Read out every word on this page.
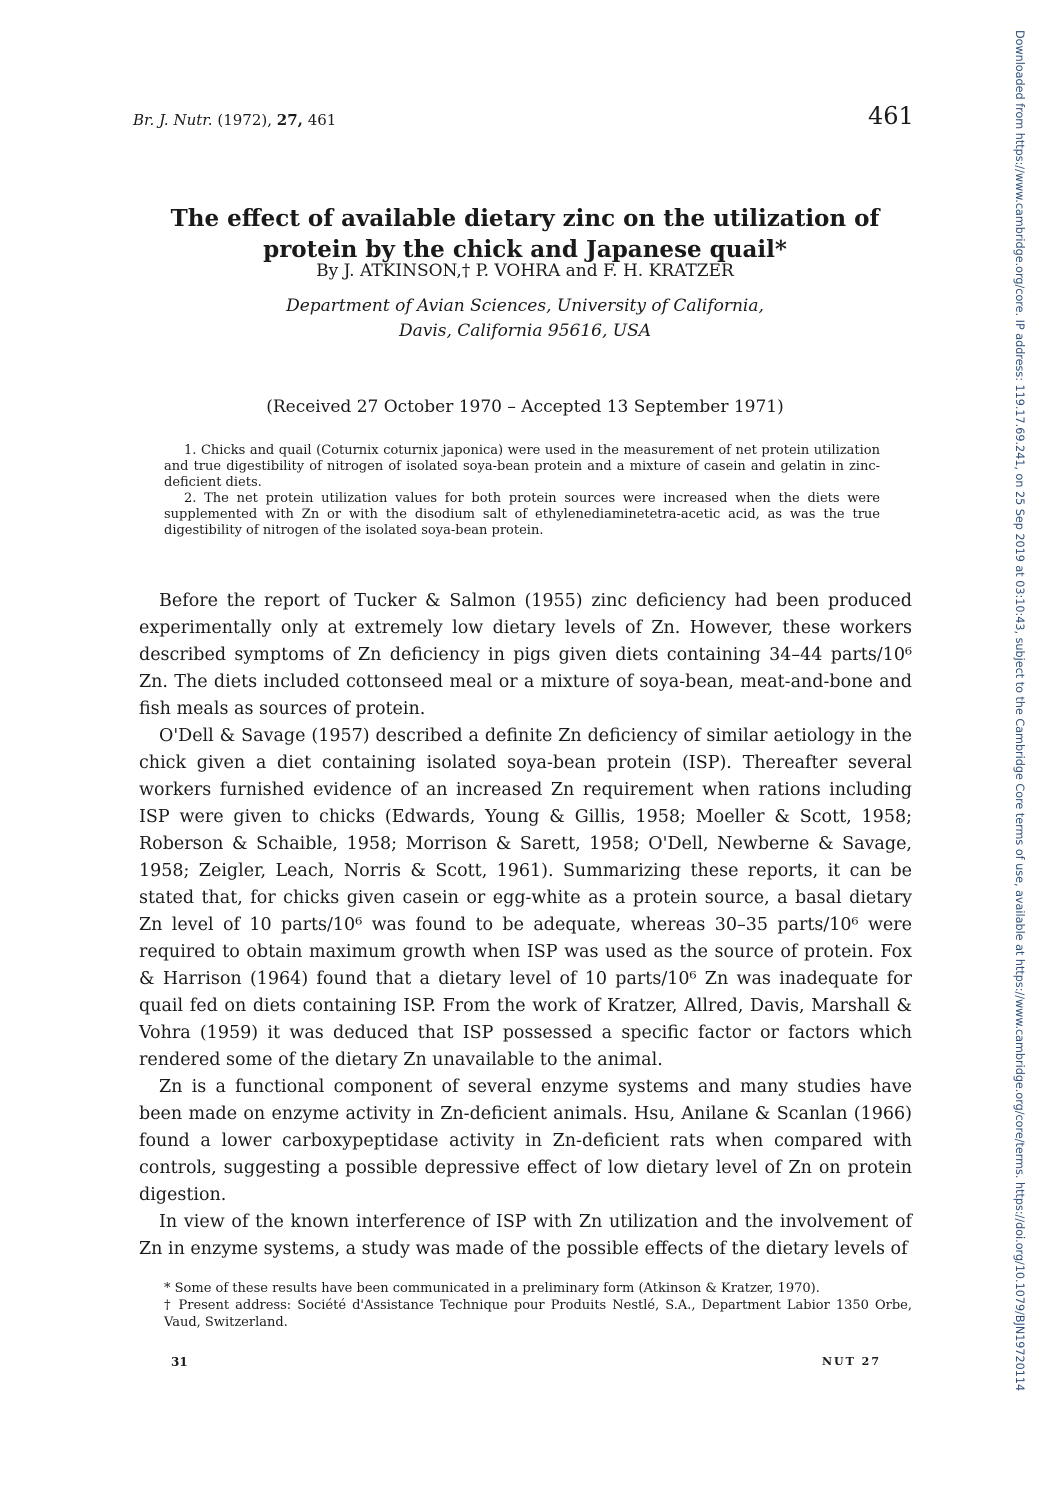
Br. J. Nutr. (1972), 27, 461	461
The effect of available dietary zinc on the utilization of
protein by the chick and Japanese quail*
By J. ATKINSON,† P. VOHRA and F. H. KRATZER
Department of Avian Sciences, University of California,
Davis, California 95616, USA
(Received 27 October 1970 – Accepted 13 September 1971)

1. Chicks and quail (Coturnix coturnix japonica) were used in the measurement of net protein utilization and true digestibility of nitrogen of isolated soya-bean protein and a mixture of casein and gelatin in zinc-deficient diets.

2. The net protein utilization values for both protein sources were increased when the diets were supplemented with Zn or with the disodium salt of ethylenediaminetetra-acetic acid, as was the true digestibility of nitrogen of the isolated soya-bean protein.

Before the report of Tucker & Salmon (1955) zinc deficiency had been produced experimentally only at extremely low dietary levels of Zn. However, these workers described symptoms of Zn deficiency in pigs given diets containing 34–44 parts/10⁶ Zn. The diets included cottonseed meal or a mixture of soya-bean, meat-and-bone and fish meals as sources of protein.

O'Dell & Savage (1957) described a definite Zn deficiency of similar aetiology in the chick given a diet containing isolated soya-bean protein (ISP). Thereafter several workers furnished evidence of an increased Zn requirement when rations including ISP were given to chicks (Edwards, Young & Gillis, 1958; Moeller & Scott, 1958; Roberson & Schaible, 1958; Morrison & Sarett, 1958; O'Dell, Newberne & Savage, 1958; Zeigler, Leach, Norris & Scott, 1961). Summarizing these reports, it can be stated that, for chicks given casein or egg-white as a protein source, a basal dietary Zn level of 10 parts/10⁶ was found to be adequate, whereas 30–35 parts/10⁶ were required to obtain maximum growth when ISP was used as the source of protein. Fox & Harrison (1964) found that a dietary level of 10 parts/10⁶ Zn was inadequate for quail fed on diets containing ISP. From the work of Kratzer, Allred, Davis, Marshall & Vohra (1959) it was deduced that ISP possessed a specific factor or factors which rendered some of the dietary Zn unavailable to the animal.

Zn is a functional component of several enzyme systems and many studies have been made on enzyme activity in Zn-deficient animals. Hsu, Anilane & Scanlan (1966) found a lower carboxypeptidase activity in Zn-deficient rats when compared with controls, suggesting a possible depressive effect of low dietary level of Zn on protein digestion.

In view of the known interference of ISP with Zn utilization and the involvement of Zn in enzyme systems, a study was made of the possible effects of the dietary levels of

* Some of these results have been communicated in a preliminary form (Atkinson & Kratzer, 1970).

† Present address: Société d'Assistance Technique pour Produits Nestlé, S.A., Department Labior 1350 Orbe, Vaud, Switzerland.

31	NUT 27	Downloaded from https://www.cambridge.org/core. IP address: 119.17.69.241, on 25 Sep 2019 at 03:10:43, subject to the Cambridge Core terms of use, available at https://www.cambridge.org/core/terms. https://doi.org/10.1079/BJN19720114
